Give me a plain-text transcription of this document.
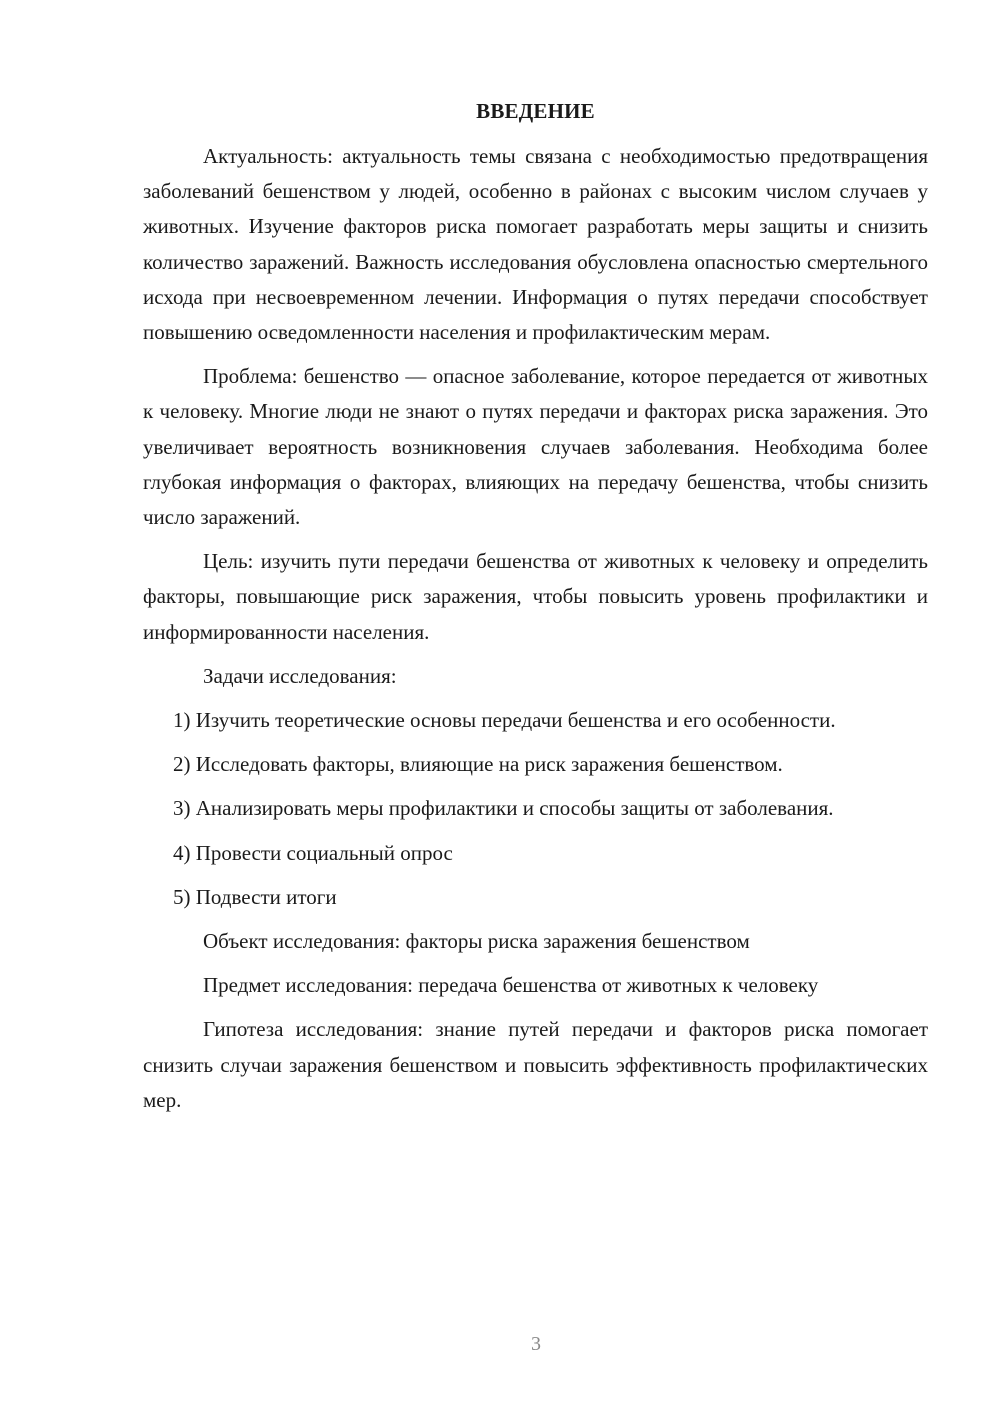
ВВЕДЕНИЕ

Актуальность: актуальность темы связана с необходимостью предотвращения заболеваний бешенством у людей, особенно в районах с высоким числом случаев у животных. Изучение факторов риска помогает разработать меры защиты и снизить количество заражений. Важность исследования обусловлена опасностью смертельного исхода при несвоевременном лечении. Информация о путях передачи способствует повышению осведомленности населения и профилактическим мерам.

Проблема: бешенство — опасное заболевание, которое передается от животных к человеку. Многие люди не знают о путях передачи и факторах риска заражения. Это увеличивает вероятность возникновения случаев заболевания. Необходима более глубокая информация о факторах, влияющих на передачу бешенства, чтобы снизить число заражений.

Цель: изучить пути передачи бешенства от животных к человеку и определить факторы, повышающие риск заражения, чтобы повысить уровень профилактики и информированности населения.

Задачи исследования:

1) Изучить теоретические основы передачи бешенства и его особенности.

2) Исследовать факторы, влияющие на риск заражения бешенством.

3) Анализировать меры профилактики и способы защиты от заболевания.

4) Провести социальный опрос

5) Подвести итоги

Объект исследования: факторы риска заражения бешенством

Предмет исследования: передача бешенства от животных к человеку

Гипотеза исследования: знание путей передачи и факторов риска помогает снизить случаи заражения бешенством и повысить эффективность профилактических мер.

3
